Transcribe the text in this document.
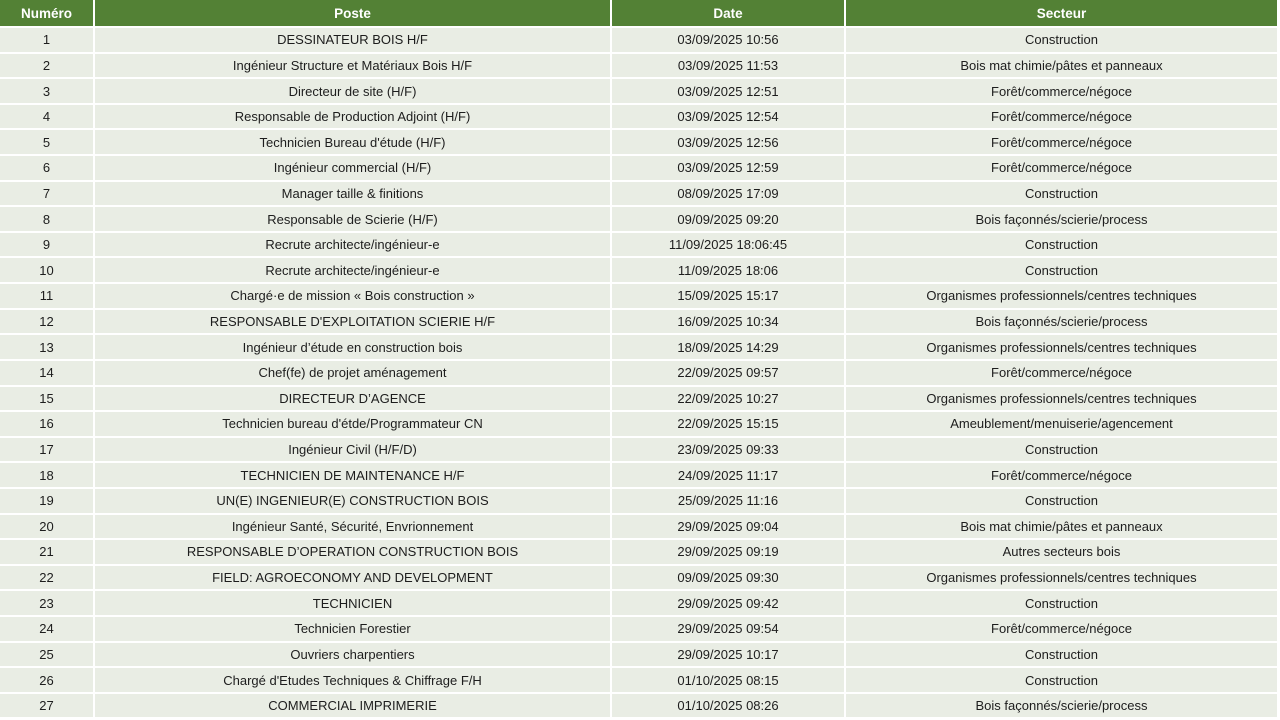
Numéro	Poste	Date	Secteur
1	DESSINATEUR BOIS H/F	03/09/2025 10:56	Construction
2	Ingénieur Structure et Matériaux Bois H/F	03/09/2025 11:53	Bois mat chimie/pâtes et panneaux
3	Directeur de site (H/F)	03/09/2025 12:51	Forêt/commerce/négoce
4	Responsable de Production Adjoint (H/F)	03/09/2025 12:54	Forêt/commerce/négoce
5	Technicien Bureau d'étude (H/F)	03/09/2025 12:56	Forêt/commerce/négoce
6	Ingénieur commercial (H/F)	03/09/2025 12:59	Forêt/commerce/négoce
7	Manager taille & finitions	08/09/2025 17:09	Construction
8	Responsable de Scierie (H/F)	09/09/2025 09:20	Bois façonnés/scierie/process
9	Recrute architecte/ingénieur-e	11/09/2025 18:06:45	Construction
10	Recrute architecte/ingénieur-e	11/09/2025 18:06	Construction
11	Chargé·e de mission « Bois construction »	15/09/2025 15:17	Organismes professionnels/centres techniques
12	RESPONSABLE D'EXPLOITATION SCIERIE H/F	16/09/2025 10:34	Bois façonnés/scierie/process
13	Ingénieur d’étude en construction bois	18/09/2025 14:29	Organismes professionnels/centres techniques
14	Chef(fe) de projet aménagement	22/09/2025 09:57	Forêt/commerce/négoce
15	DIRECTEUR D’AGENCE	22/09/2025 10:27	Organismes professionnels/centres techniques
16	Technicien bureau d'étde/Programmateur CN	22/09/2025 15:15	Ameublement/menuiserie/agencement
17	Ingénieur Civil (H/F/D)	23/09/2025 09:33	Construction
18	TECHNICIEN DE MAINTENANCE H/F	24/09/2025 11:17	Forêt/commerce/négoce
19	UN(E) INGENIEUR(E) CONSTRUCTION BOIS	25/09/2025 11:16	Construction
20	Ingénieur Santé, Sécurité, Envrionnement	29/09/2025 09:04	Bois mat chimie/pâtes et panneaux
21	RESPONSABLE D’OPERATION CONSTRUCTION BOIS	29/09/2025 09:19	Autres secteurs bois
22	FIELD: AGROECONOMY AND DEVELOPMENT	09/09/2025 09:30	Organismes professionnels/centres techniques
23	TECHNICIEN	29/09/2025 09:42	Construction
24	Technicien Forestier	29/09/2025 09:54	Forêt/commerce/négoce
25	Ouvriers charpentiers	29/09/2025 10:17	Construction
26	Chargé d'Etudes Techniques & Chiffrage F/H	01/10/2025 08:15	Construction
27	COMMERCIAL IMPRIMERIE	01/10/2025 08:26	Bois façonnés/scierie/process
